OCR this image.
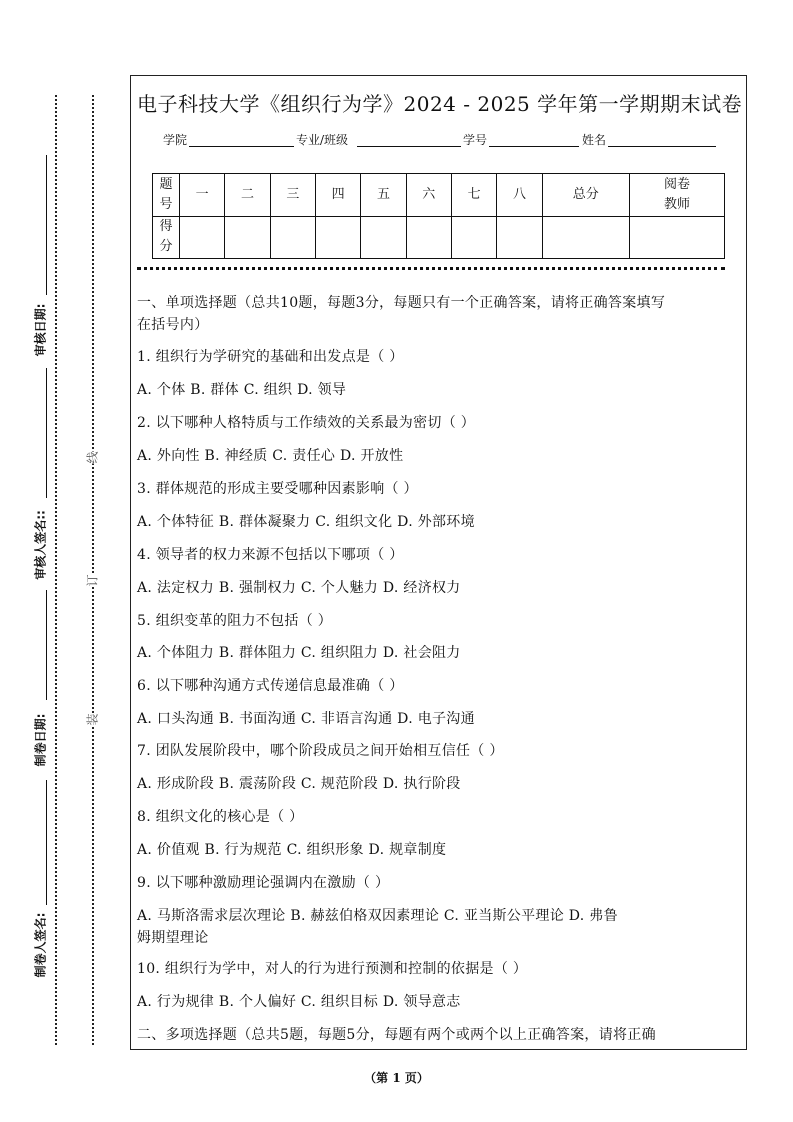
审核日期:
审核人签名::
制卷日期:
制卷人签名:
线
订
装
电子科技大学《组织行为学》2024 - 2025 学年第一学期期末试卷
学院	专业/班级	学号	姓名
题
号	一	二	三	四	五	六	七	八	总分	阅卷
教师
得
分										
一、单项选择题（总共10题，每题3分，每题只有一个正确答案，请将正确答案填写
在括号内）
1. 组织行为学研究的基础和出发点是（ ）
A. 个体 B. 群体 C. 组织 D. 领导
2. 以下哪种人格特质与工作绩效的关系最为密切（ ）
A. 外向性 B. 神经质 C. 责任心 D. 开放性
3. 群体规范的形成主要受哪种因素影响（ ）
A. 个体特征 B. 群体凝聚力 C. 组织文化 D. 外部环境
4. 领导者的权力来源不包括以下哪项（ ）
A. 法定权力 B. 强制权力 C. 个人魅力 D. 经济权力
5. 组织变革的阻力不包括（ ）
A. 个体阻力 B. 群体阻力 C. 组织阻力 D. 社会阻力
6. 以下哪种沟通方式传递信息最准确（ ）
A. 口头沟通 B. 书面沟通 C. 非语言沟通 D. 电子沟通
7. 团队发展阶段中，哪个阶段成员之间开始相互信任（ ）
A. 形成阶段 B. 震荡阶段 C. 规范阶段 D. 执行阶段
8. 组织文化的核心是（ ）
A. 价值观 B. 行为规范 C. 组织形象 D. 规章制度
9. 以下哪种激励理论强调内在激励（ ）
A. 马斯洛需求层次理论 B. 赫兹伯格双因素理论 C. 亚当斯公平理论 D. 弗鲁
姆期望理论
10. 组织行为学中，对人的行为进行预测和控制的依据是（ ）
A. 行为规律 B. 个人偏好 C. 组织目标 D. 领导意志
二、多项选择题（总共5题，每题5分，每题有两个或两个以上正确答案，请将正确
（第 1 页）
